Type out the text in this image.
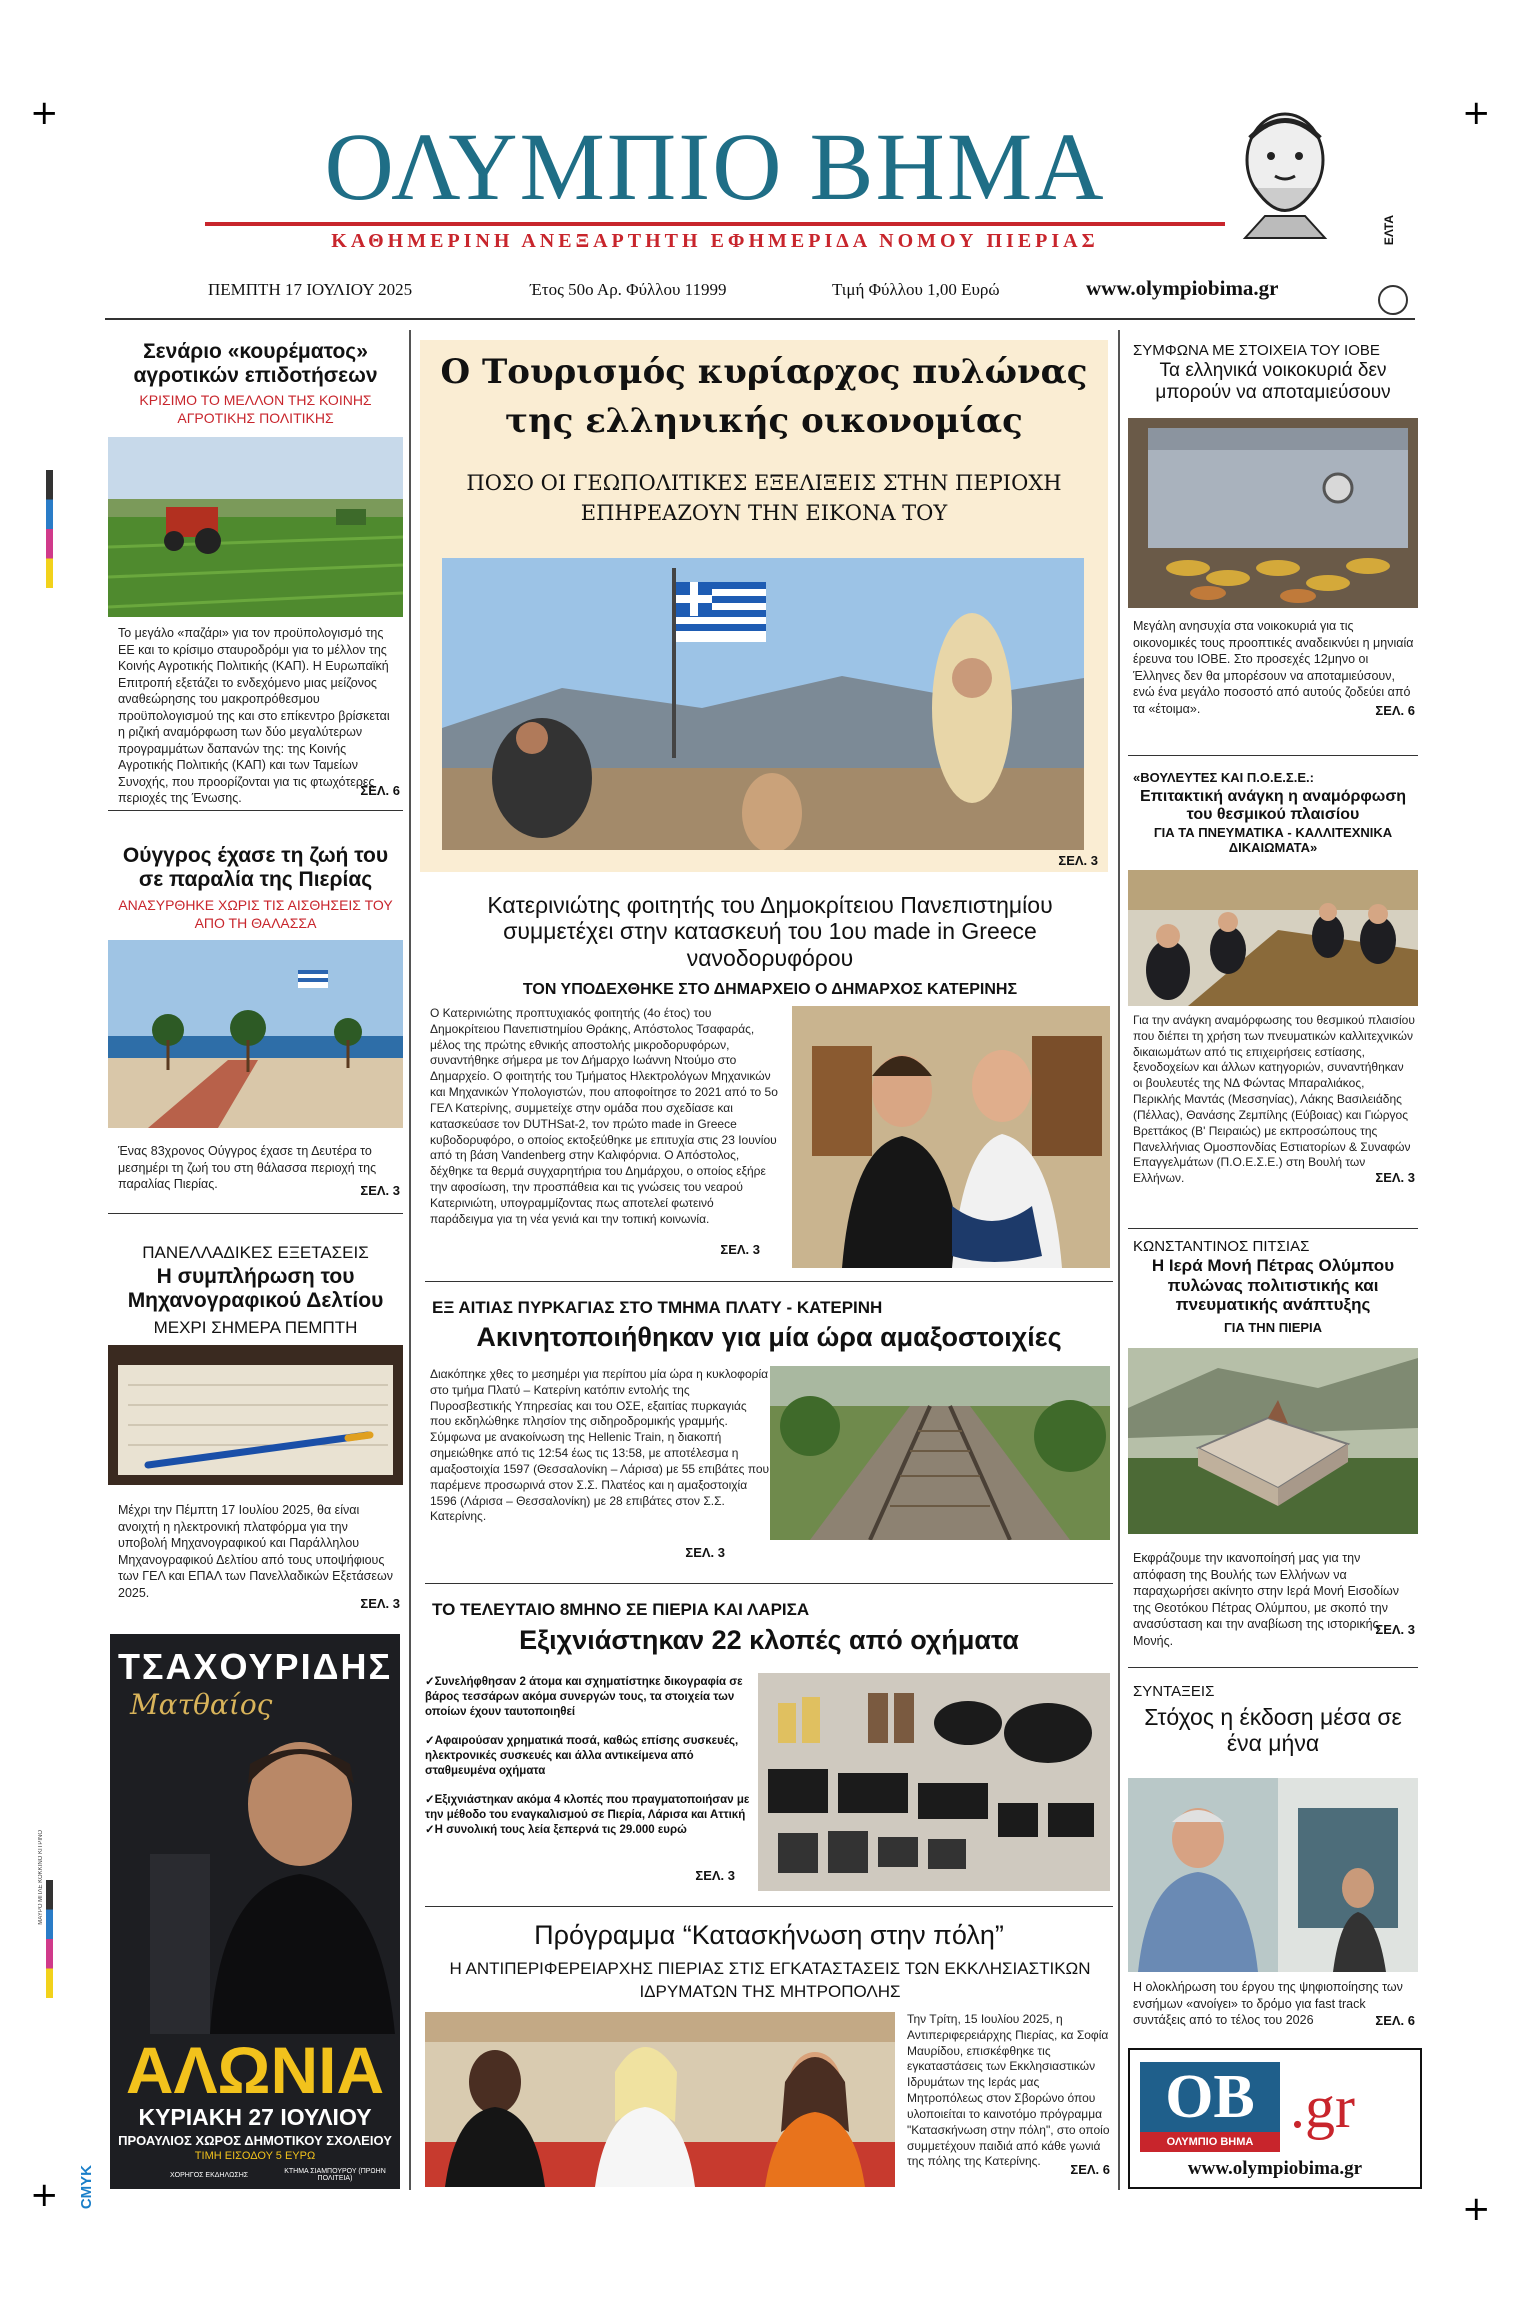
+	+
+	+
ΜΑΥΡΟ ΜΠΛΕ ΚΟΚΚΙΝΟ ΚΙΤΡΙΝΟ
CMYK
ΟΛΥΜΠΙΟ ΒΗΜΑ
ΚΑΘΗΜΕΡΙΝΗ ΑΝΕΞΑΡΤΗΤΗ ΕΦΗΜΕΡΙΔΑ ΝΟΜΟΥ ΠΙΕΡΙΑΣ	ΕΛΤΑ
ΠΕΜΠΤΗ 17 ΙΟΥΛΙΟΥ 2025	Έτος 50ο Αρ. Φύλλου 11999	Τιμή Φύλλου 1,00 Ευρώ	www.olympiobima.gr
Σενάριο «κουρέματος» αγροτικών επιδοτήσεων
ΚΡΙΣΙΜΟ ΤΟ ΜΕΛΛΟΝ ΤΗΣ ΚΟΙΝΗΣ ΑΓΡΟΤΙΚΗΣ ΠΟΛΙΤΙΚΗΣ
Το μεγάλο «παζάρι» για τον προϋπολογισμό της ΕΕ και το κρίσιμο σταυροδρόμι για το μέλλον της Κοινής Αγροτικής Πολιτικής (ΚΑΠ). Η Ευρωπαϊκή Επιτροπή εξετάζει το ενδεχόμενο μιας μείζονος αναθεώρησης του μακροπρόθεσμου προϋπολογισμού της και στο επίκεντρο βρίσκεται η ριζική αναμόρφωση των δύο μεγαλύτερων προγραμμάτων δαπανών της: της Κοινής Αγροτικής Πολιτικής (ΚΑΠ) και των Ταμείων Συνοχής, που προορίζονται για τις φτωχότερες περιοχές της Ένωσης.	ΣΕΛ. 6
Ούγγρος έχασε τη ζωή του σε παραλία της Πιερίας
ΑΝΑΣΥΡΘΗΚΕ ΧΩΡΙΣ ΤΙΣ ΑΙΣΘΗΣΕΙΣ ΤΟΥ ΑΠΟ ΤΗ ΘΑΛΑΣΣΑ
Ένας 83χρονος Ούγγρος έχασε τη Δευτέρα το μεσημέρι τη ζωή του στη θάλασσα περιοχή της παραλίας Πιερίας.	ΣΕΛ. 3
ΠΑΝΕΛΛΑΔΙΚΕΣ ΕΞΕΤΑΣΕΙΣ
Η συμπλήρωση του Μηχανογραφικού Δελτίου
ΜΕΧΡΙ ΣΗΜΕΡΑ ΠΕΜΠΤΗ
Μέχρι την Πέμπτη 17 Ιουλίου 2025, θα είναι ανοιχτή η ηλεκτρονική πλατφόρμα για την υποβολή Μηχανογραφικού και Παράλληλου Μηχανογραφικού Δελτίου από τους υποψήφιους των ΓΕΛ και ΕΠΑΛ των Πανελλαδικών Εξετάσεων 2025.
ΣΕΛ. 3
ΤΣΑΧΟΥΡΙΔΗΣ
Ματθαίος
ΑΛΩΝΙΑ
ΚΥΡΙΑΚΗ 27 ΙΟΥΛΙΟΥ
ΠΡΟΑΥΛΙΟΣ ΧΩΡΟΣ ΔΗΜΟΤΙΚΟΥ ΣΧΟΛΕΙΟΥ
ΤΙΜΗ ΕΙΣΟΔΟΥ 5 ΕΥΡΩ
ΧΟΡΗΓΟΣ ΕΚΔΗΛΩΣΗΣ
ΚΤΗΜΑ ΣΙΑΜΠΟΥΡΟΥ (ΠΡΩΗΝ ΠΟΛΙΤΕΙΑ)
Ο Τουρισμός κυρίαρχος πυλώνας της ελληνικής οικονομίας
ΠΟΣΟ ΟΙ ΓΕΩΠΟΛΙΤΙΚΕΣ ΕΞΕΛΙΞΕΙΣ ΣΤΗΝ ΠΕΡΙΟΧΗ ΕΠΗΡΕΑΖΟΥΝ ΤΗΝ ΕΙΚΟΝΑ ΤΟΥ
ΣΕΛ. 3
Κατερινιώτης φοιτητής του Δημοκρίτειου Πανεπιστημίου συμμετέχει στην κατασκευή του 1ου made in Greece νανοδορυφόρου
ΤΟΝ ΥΠΟΔΕΧΘΗΚΕ ΣΤΟ ΔΗΜΑΡΧΕΙΟ Ο ΔΗΜΑΡΧΟΣ ΚΑΤΕΡΙΝΗΣ
Ο Κατερινιώτης προπτυχιακός φοιτητής (4ο έτος) του Δημοκρίτειου Πανεπιστημίου Θράκης, Απόστολος Τσαφαράς, μέλος της πρώτης εθνικής αποστολής μικροδορυφόρων, συναντήθηκε σήμερα με τον Δήμαρχο Ιωάννη Ντούμο στο Δημαρχείο. Ο φοιτητής του Τμήματος Ηλεκτρολόγων Μηχανικών και Μηχανικών Υπολογιστών, που αποφοίτησε το 2021 από το 5ο ΓΕΛ Κατερίνης, συμμετείχε στην ομάδα που σχεδίασε και κατασκεύασε τον DUTHSat-2, τον πρώτο made in Greece κυβοδορυφόρο, ο οποίος εκτοξεύθηκε με επιτυχία στις 23 Ιουνίου από τη βάση Vandenberg στην Καλιφόρνια. Ο Απόστολος, δέχθηκε τα θερμά συγχαρητήρια του Δημάρχου, ο οποίος εξήρε την αφοσίωση, την προσπάθεια και τις γνώσεις του νεαρού Κατερινιώτη, υπογραμμίζοντας πως αποτελεί φωτεινό παράδειγμα για τη νέα γενιά και την τοπική κοινωνία.
ΣΕΛ. 3
ΕΞ ΑΙΤΙΑΣ ΠΥΡΚΑΓΙΑΣ ΣΤΟ ΤΜΗΜΑ ΠΛΑΤΥ - ΚΑΤΕΡΙΝΗ
Ακινητοποιήθηκαν για μία ώρα αμαξοστοιχίες
Διακόπηκε χθες το μεσημέρι για περίπου μία ώρα η κυκλοφορία στο τμήμα Πλατύ – Κατερίνη κατόπιν εντολής της Πυροσβεστικής Υπηρεσίας και του ΟΣΕ, εξαιτίας πυρκαγιάς που εκδηλώθηκε πλησίον της σιδηροδρομικής γραμμής. Σύμφωνα με ανακοίνωση της Hellenic Train, η διακοπή σημειώθηκε από τις 12:54 έως τις 13:58, με αποτέλεσμα η αμαξοστοιχία 1597 (Θεσσαλονίκη – Λάρισα) με 55 επιβάτες που παρέμενε προσωρινά στον Σ.Σ. Πλατέος και η αμαξοστοιχία 1596 (Λάρισα – Θεσσαλονίκη) με 28 επιβάτες στον Σ.Σ. Κατερίνης.
ΣΕΛ. 3
ΤΟ ΤΕΛΕΥΤΑΙΟ 8ΜΗΝΟ ΣΕ ΠΙΕΡΙΑ ΚΑΙ ΛΑΡΙΣΑ
Εξιχνιάστηκαν 22 κλοπές από οχήματα
✓Συνελήφθησαν 2 άτομα και σχηματίστηκε δικογραφία σε βάρος τεσσάρων ακόμα συνεργών τους, τα στοιχεία των οποίων έχουν ταυτοποιηθεί
✓Αφαιρούσαν χρηματικά ποσά, καθώς επίσης συσκευές, ηλεκτρονικές συσκευές και άλλα αντικείμενα από σταθμευμένα οχήματα
✓Εξιχνιάστηκαν ακόμα 4 κλοπές που πραγματοποιήσαν με την μέθοδο του εναγκαλισμού σε Πιερία, Λάρισα και Αττική
✓Η συνολική τους λεία ξεπερνά τις 29.000 ευρώ
ΣΕΛ. 3
Πρόγραμμα “Κατασκήνωση στην πόλη”
Η ΑΝΤΙΠΕΡΙΦΕΡΕΙΑΡΧΗΣ ΠΙΕΡΙΑΣ ΣΤΙΣ ΕΓΚΑΤΑΣΤΑΣΕΙΣ ΤΩΝ ΕΚΚΛΗΣΙΑΣΤΙΚΩΝ ΙΔΡΥΜΑΤΩΝ ΤΗΣ ΜΗΤΡΟΠΟΛΗΣ
Την Τρίτη, 15 Ιουλίου 2025, η Αντιπεριφερειάρχης Πιερίας, κα Σοφία Μαυρίδου, επισκέφθηκε τις εγκαταστάσεις των Εκκλησιαστικών Ιδρυμάτων της Ιεράς μας Μητροπόλεως στον Σβορώνο όπου υλοποιείται το καινοτόμο πρόγραμμα "Κατασκήνωση στην πόλη", στο οποίο συμμετέχουν παιδιά από κάθε γωνιά της πόλης της Κατερίνης.
ΣΕΛ. 6
ΣΥΜΦΩΝΑ ΜΕ ΣΤΟΙΧΕΙΑ ΤΟΥ ΙΟΒΕ
Τα ελληνικά νοικοκυριά δεν μπορούν να αποταμιεύσουν
Μεγάλη ανησυχία στα νοικοκυριά για τις οικονομικές τους προοπτικές αναδεικνύει η μηνιαία έρευνα του ΙΟΒΕ. Στο προσεχές 12μηνο οι Έλληνες δεν θα μπορέσουν να αποταμιεύσουν, ενώ ένα μεγάλο ποσοστό από αυτούς ζοδεύει από τα «έτοιμα».	ΣΕΛ. 6
«ΒΟΥΛΕΥΤΕΣ ΚΑΙ Π.Ο.Ε.Σ.Ε.:
Επιτακτική ανάγκη η αναμόρφωση του θεσμικού πλαισίου
ΓΙΑ ΤΑ ΠΝΕΥΜΑΤΙΚΑ - ΚΑΛΛΙΤΕΧΝΙΚΑ ΔΙΚΑΙΩΜΑΤΑ»
Για την ανάγκη αναμόρφωσης του θεσμικού πλαισίου που διέπει τη χρήση των πνευματικών καλλιτεχνικών δικαιωμάτων από τις επιχειρήσεις εστίασης, ξενοδοχείων και άλλων κατηγοριών, συναντήθηκαν οι βουλευτές της ΝΔ Φώντας Μπαραλιάκος, Περικλής Μαντάς (Μεσσηνίας), Λάκης Βασιλειάδης (Πέλλας), Θανάσης Ζεμπίλης (Εύβοιας) και Γιώργος Βρεττάκος (Β' Πειραιώς) με εκπροσώπους της Πανελλήνιας Ομοσπονδίας Εστιατορίων & Συναφών Επαγγελμάτων (Π.Ο.Ε.Σ.Ε.) στη Βουλή των Ελλήνων.	ΣΕΛ. 3
ΚΩΝΣΤΑΝΤΙΝΟΣ ΠΙΤΣΙΑΣ
Η Ιερά Μονή Πέτρας Ολύμπου πυλώνας πολιτιστικής και πνευματικής ανάπτυξης
ΓΙΑ ΤΗΝ ΠΙΕΡΙΑ
Εκφράζουμε την ικανοποίησή μας για την απόφαση της Βουλής των Ελλήνων να παραχωρήσει ακίνητο στην Ιερά Μονή Εισοδίων της Θεοτόκου Πέτρας Ολύμπου, με σκοπό την ανασύσταση και την αναβίωση της ιστορικής Μονής.
ΣΕΛ. 3
ΣΥΝΤΑΞΕΙΣ
Στόχος η έκδοση μέσα σε ένα μήνα
Η ολοκλήρωση του έργου της ψηφιοποίησης των ενσήμων «ανοίγει» το δρόμο για fast track συντάξεις από το τέλος του 2026	ΣΕΛ. 6
ΟΒ
ΟΛΥΜΠΙΟ ΒΗΜΑ
.gr
www.olympiobima.gr
